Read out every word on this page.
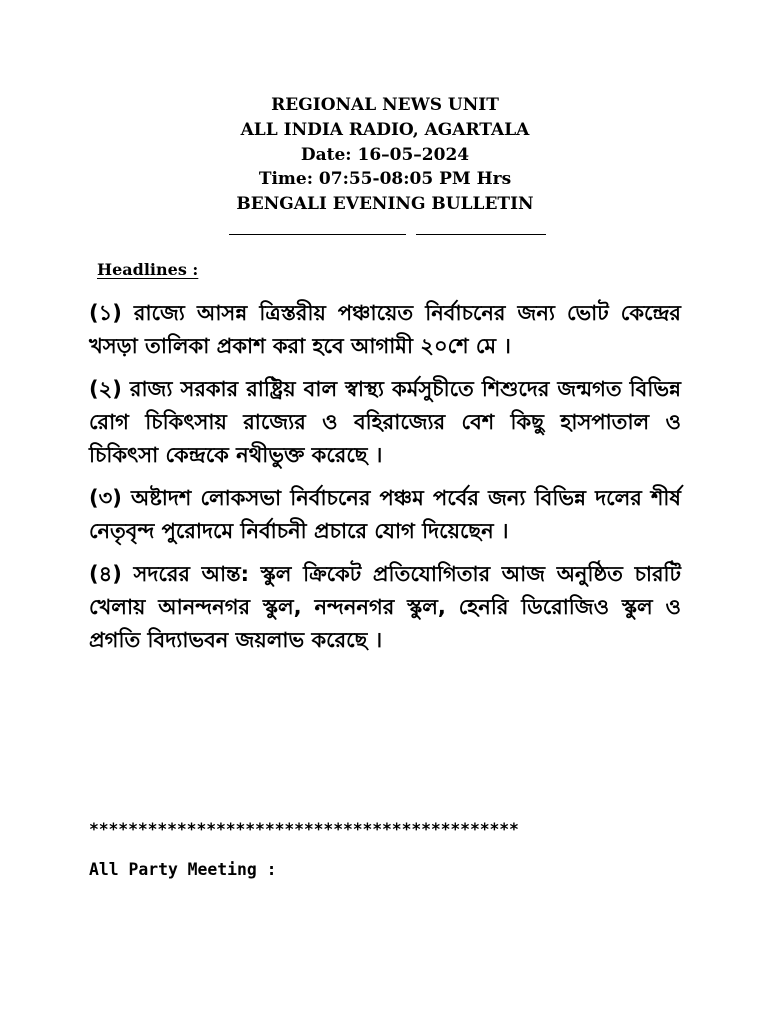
REGIONAL NEWS UNIT
ALL INDIA RADIO, AGARTALA
Date: 16–05–2024
Time: 07:55-08:05 PM Hrs
BENGALI EVENING BULLETIN
Headlines :

(১) রাজ্যে আসন্ন ত্রিস্তরীয় পঞ্চায়েত নির্বাচনের জন্য ভোট কেন্দ্রের খসড়া তালিকা প্রকাশ করা হবে আগামী ২০শে মে ।

(২) রাজ্য সরকার রাষ্ট্রিয় বাল স্বাস্থ্য কর্মসুচীতে শিশুদের জন্মগত বিভিন্ন রোগ চিকিৎসায় রাজ্যের ও বহিরাজ্যের বেশ কিছু হাসপাতাল ও চিকিৎসা কেন্দ্রকে নথীভুক্ত করেছে ।

(৩) অষ্টাদশ লোকসভা নির্বাচনের পঞ্চম পর্বের জন্য বিভিন্ন দলের শীর্ষ নেতৃবৃন্দ পুরোদমে নির্বাচনী প্রচারে যোগ দিয়েছেন ।

(৪) সদরের আন্ত: স্কুল ক্রিকেট প্রতিযোগিতার আজ অনুষ্ঠিত চারটি খেলায় আনন্দনগর স্কুল, নন্দননগর স্কুল, হেনরি ডিরোজিও স্কুল ও প্রগতি বিদ্যাভবন জয়লাভ করেছে ।

********************************************
All Party Meeting :
